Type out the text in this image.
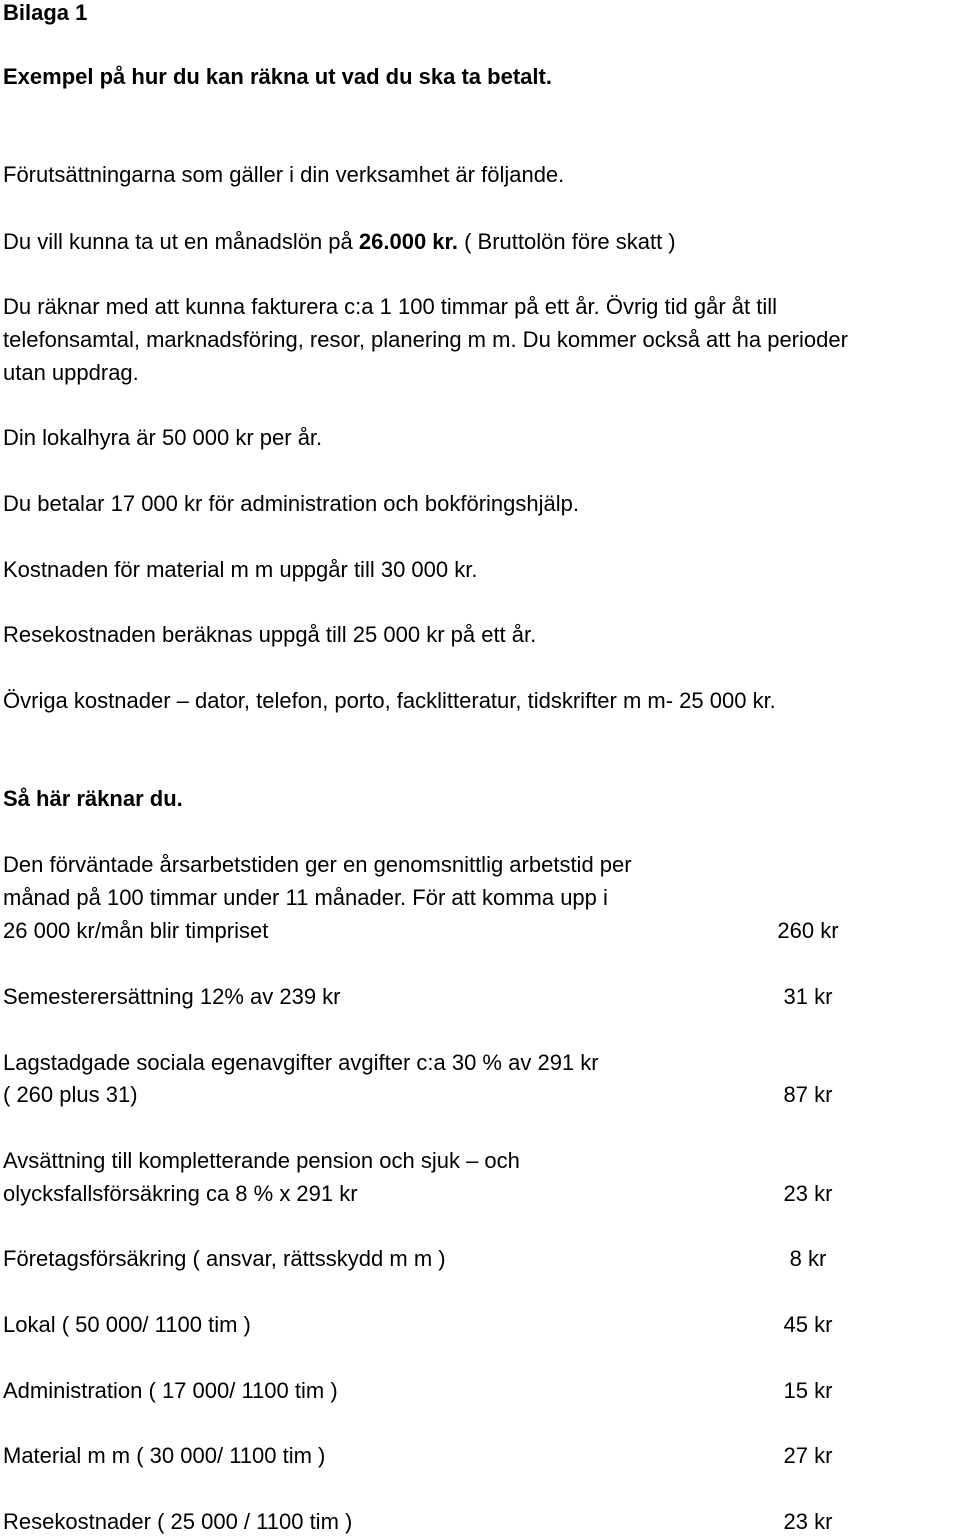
Bilaga 1

Exempel på hur du kan räkna ut vad du ska ta betalt.

Förutsättningarna som gäller i din verksamhet är följande.

Du vill kunna ta ut en månadslön på 26.000 kr. ( Bruttolön före skatt )

Du räknar med att kunna fakturera c:a 1 100 timmar på ett år. Övrig tid går åt till

telefonsamtal, marknadsföring, resor, planering m m. Du kommer också att ha perioder

utan uppdrag.

Din lokalhyra är 50 000 kr per år.

Du betalar 17 000 kr för administration och bokföringshjälp.

Kostnaden för material m m uppgår till 30 000 kr.

Resekostnaden beräknas uppgå till 25 000 kr på ett år.

Övriga kostnader – dator, telefon, porto, facklitteratur, tidskrifter m m- 25 000 kr.

Så här räknar du.

Den förväntade årsarbetstiden ger en genomsnittlig arbetstid per

månad på 100 timmar under 11 månader. För att komma upp i

26 000 kr/mån blir timpriset	260 kr

Semesterersättning 12% av 239 kr	31 kr

Lagstadgade sociala egenavgifter avgifter c:a 30 % av 291 kr

( 260 plus 31)	87 kr

Avsättning till kompletterande pension och sjuk – och

olycksfallsförsäkring ca 8 % x 291 kr	23 kr

Företagsförsäkring ( ansvar, rättsskydd m m )	8 kr

Lokal ( 50 000/ 1100 tim )	45 kr

Administration ( 17 000/ 1100 tim )	15 kr

Material m m ( 30 000/ 1100 tim )	27 kr

Resekostnader ( 25 000 / 1100 tim )	23 kr
